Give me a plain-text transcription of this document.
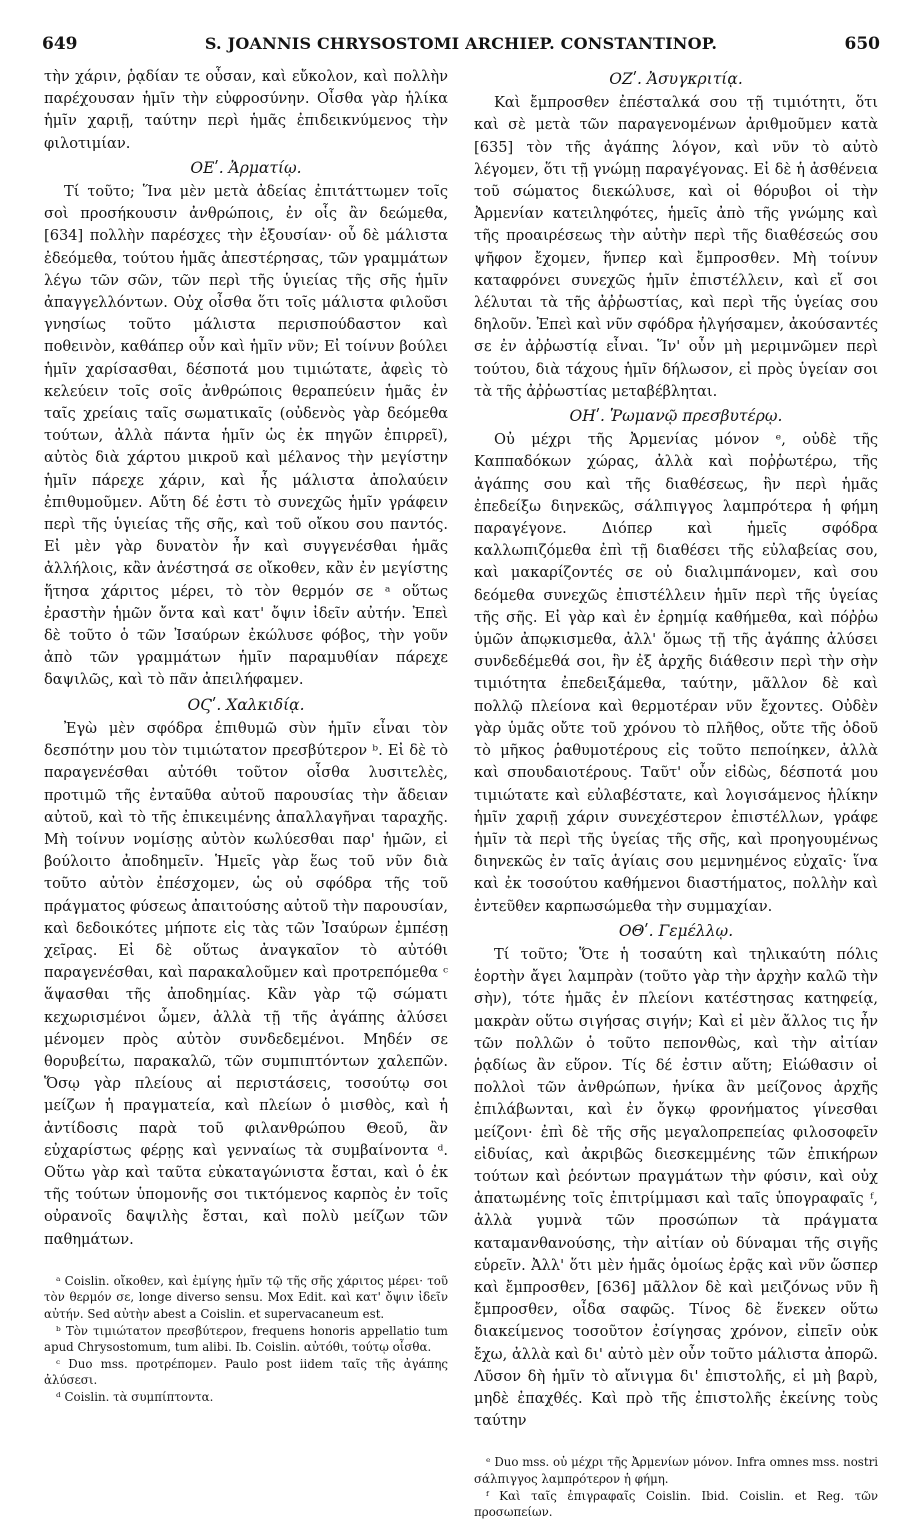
649	S. JOANNIS CHRYSOSTOMI ARCHIEP. CONSTANTINOP.	650

τὴν χάριν, ῥᾳδίαν τε οὖσαν, καὶ εὔκολον, καὶ πολλὴν παρέχουσαν ἡμῖν τὴν εὐφροσύνην. Οἶσθα γὰρ ἡλίκα ἡμῖν χαριῇ, ταύτην περὶ ἡμᾶς ἐπιδεικνύμενος τὴν φιλοτιμίαν.

ΟΕʹ. Ἀρματίῳ.

Τί τοῦτο; Ἵνα μὲν μετὰ ἀδείας ἐπιτάττωμεν τοῖς σοὶ προσήκουσιν ἀνθρώποις, ἐν οἷς ἂν δεώμεθα, [634] πολλὴν παρέσχες τὴν ἐξουσίαν· οὗ δὲ μάλιστα ἐδεόμεθα, τούτου ἡμᾶς ἀπεστέρησας, τῶν γραμμάτων λέγω τῶν σῶν, τῶν περὶ τῆς ὑγιείας τῆς σῆς ἡμῖν ἀπαγγελλόντων. Οὐχ οἶσθα ὅτι τοῖς μάλιστα φιλοῦσι γνησίως τοῦτο μάλιστα περισπούδαστον καὶ ποθεινὸν, καθάπερ οὖν καὶ ἡμῖν νῦν; Εἰ τοίνυν βούλει ἡμῖν χαρίσασθαι, δέσποτά μου τιμιώτατε, ἀφεὶς τὸ κελεύειν τοῖς σοῖς ἀνθρώποις θεραπεύειν ἡμᾶς ἐν ταῖς χρείαις ταῖς σωματικαῖς (οὐδενὸς γὰρ δεόμεθα τούτων, ἀλλὰ πάντα ἡμῖν ὡς ἐκ πηγῶν ἐπιρρεῖ), αὐτὸς διὰ χάρτου μικροῦ καὶ μέλανος τὴν μεγίστην ἡμῖν πάρεχε χάριν, καὶ ἧς μάλιστα ἀπολαύειν ἐπιθυμοῦμεν. Αὕτη δέ ἐστι τὸ συνεχῶς ἡμῖν γράφειν περὶ τῆς ὑγιείας τῆς σῆς, καὶ τοῦ οἴκου σου παντός. Εἰ μὲν γὰρ δυνατὸν ἦν καὶ συγγενέσθαι ἡμᾶς ἀλλήλοις, κἂν ἀνέστησά σε οἴκοθεν, κἂν ἐν μεγίστης ἥτησα χάριτος μέρει, τὸ τὸν θερμόν σε ᵃ οὕτως ἐραστὴν ἡμῶν ὄντα καὶ κατ' ὄψιν ἰδεῖν αὐτήν. Ἐπεὶ δὲ τοῦτο ὁ τῶν Ἰσαύρων ἐκώλυσε φόβος, τὴν γοῦν ἀπὸ τῶν γραμμάτων ἡμῖν παραμυθίαν πάρεχε δαψιλῶς, καὶ τὸ πᾶν ἀπειλήφαμεν.

ΟϚʹ. Χαλκιδίᾳ.

Ἐγὼ μὲν σφόδρα ἐπιθυμῶ σὺν ἡμῖν εἶναι τὸν δεσπότην μου τὸν τιμιώτατον πρεσβύτερον ᵇ. Εἰ δὲ τὸ παραγενέσθαι αὐτόθι τοῦτον οἶσθα λυσιτελὲς, προτιμῶ τῆς ἐνταῦθα αὐτοῦ παρουσίας τὴν ἄδειαν αὐτοῦ, καὶ τὸ τῆς ἐπικειμένης ἀπαλλαγῆναι ταραχῆς. Μὴ τοίνυν νομίσῃς αὐτὸν κωλύεσθαι παρ' ἡμῶν, εἰ βούλοιτο ἀποδημεῖν. Ἡμεῖς γὰρ ἕως τοῦ νῦν διὰ τοῦτο αὐτὸν ἐπέσχομεν, ὡς οὐ σφόδρα τῆς τοῦ πράγματος φύσεως ἀπαιτούσης αὐτοῦ τὴν παρουσίαν, καὶ δεδοικότες μήποτε εἰς τὰς τῶν Ἰσαύρων ἐμπέσῃ χεῖρας. Εἰ δὲ οὕτως ἀναγκαῖον τὸ αὐτόθι παραγενέσθαι, καὶ παρακαλοῦμεν καὶ προτρεπόμεθα ᶜ ἅψασθαι τῆς ἀποδημίας. Κἂν γὰρ τῷ σώματι κεχωρισμένοι ὦμεν, ἀλλὰ τῇ τῆς ἀγάπης ἀλύσει μένομεν πρὸς αὐτὸν συνδεδεμένοι. Μηδέν σε θορυβείτω, παρακαλῶ, τῶν συμπιπτόντων χαλεπῶν. Ὅσῳ γὰρ πλείους αἱ περιστάσεις, τοσούτῳ σοι μείζων ἡ πραγματεία, καὶ πλείων ὁ μισθὸς, καὶ ἡ ἀντίδοσις παρὰ τοῦ φιλανθρώπου Θεοῦ, ἂν εὐχαρίστως φέρῃς καὶ γενναίως τὰ συμβαίνοντα ᵈ. Οὕτω γὰρ καὶ ταῦτα εὐκαταγώνιστα ἔσται, καὶ ὁ ἐκ τῆς τούτων ὑπομονῆς σοι τικτόμενος καρπὸς ἐν τοῖς οὐρανοῖς δαψιλὴς ἔσται, καὶ πολὺ μείζων τῶν παθημάτων.

ᵃ Coislin. οἴκοθεν, καὶ ἐμίγης ἡμῖν τῷ τῆς σῆς χάριτος μέρει· τοῦ τὸν θερμόν σε, longe diverso sensu. Mox Edit. καὶ κατ' ὄψιν ἰδεῖν αὐτήν. Sed αὐτὴν abest a Coislin. et supervacaneum est.

ᵇ Τὸν τιμιώτατον πρεσβύτερον, frequens honoris appellatio tum apud Chrysostomum, tum alibi. Ib. Coislin. αὐτόθι, τούτῳ οἶσθα.

ᶜ Duo mss. προτρέπομεν. Paulo post iidem ταῖς τῆς ἀγάπης ἀλύσεσι.

ᵈ Coislin. τὰ συμπίπτοντα.

ΟΖʹ. Ἀσυγκριτίᾳ.

Καὶ ἔμπροσθεν ἐπέσταλκά σου τῇ τιμιότητι, ὅτι καὶ σὲ μετὰ τῶν παραγενομένων ἀριθμοῦμεν κατὰ [635] τὸν τῆς ἀγάπης λόγον, καὶ νῦν τὸ αὐτὸ λέγομεν, ὅτι τῇ γνώμῃ παραγέγονας. Εἰ δὲ ἡ ἀσθένεια τοῦ σώματος διεκώλυσε, καὶ οἱ θόρυβοι οἱ τὴν Ἀρμενίαν κατειληφότες, ἡμεῖς ἀπὸ τῆς γνώμης καὶ τῆς προαιρέσεως τὴν αὐτὴν περὶ τῆς διαθέσεώς σου ψῆφον ἔχομεν, ἥνπερ καὶ ἔμπροσθεν. Μὴ τοίνυν καταφρόνει συνεχῶς ἡμῖν ἐπιστέλλειν, καὶ εἴ σοι λέλυται τὰ τῆς ἀῤῥωστίας, καὶ περὶ τῆς ὑγείας σου δηλοῦν. Ἐπεὶ καὶ νῦν σφόδρα ἠλγήσαμεν, ἀκούσαντές σε ἐν ἀῤῥωστίᾳ εἶναι. Ἵν' οὖν μὴ μεριμνῶμεν περὶ τούτου, διὰ τάχους ἡμῖν δήλωσον, εἰ πρὸς ὑγείαν σοι τὰ τῆς ἀῤῥωστίας μεταβέβληται.

ΟΗʹ. Ῥωμανῷ πρεσβυτέρῳ.

Οὐ μέχρι τῆς Ἀρμενίας μόνον ᵉ, οὐδὲ τῆς Καππαδόκων χώρας, ἀλλὰ καὶ ποῤῥωτέρω, τῆς ἀγάπης σου καὶ τῆς διαθέσεως, ἣν περὶ ἡμᾶς ἐπεδείξω διηνεκῶς, σάλπιγγος λαμπρότερα ἡ φήμη παραγέγονε. Διόπερ καὶ ἡμεῖς σφόδρα καλλωπιζόμεθα ἐπὶ τῇ διαθέσει τῆς εὐλαβείας σου, καὶ μακαρίζοντές σε οὐ διαλιμπάνομεν, καὶ σου δεόμεθα συνεχῶς ἐπιστέλλειν ἡμῖν περὶ τῆς ὑγείας τῆς σῆς. Εἰ γὰρ καὶ ἐν ἐρημίᾳ καθήμεθα, καὶ πόῤῥω ὑμῶν ἀπῳκισμεθα, ἀλλ' ὅμως τῇ τῆς ἀγάπης ἀλύσει συνδεδέμεθά σοι, ἣν ἐξ ἀρχῆς διάθεσιν περὶ τὴν σὴν τιμιότητα ἐπεδειξάμεθα, ταύτην, μᾶλλον δὲ καὶ πολλῷ πλείονα καὶ θερμοτέραν νῦν ἔχοντες. Οὐδὲν γὰρ ὑμᾶς οὔτε τοῦ χρόνου τὸ πλῆθος, οὔτε τῆς ὁδοῦ τὸ μῆκος ῥαθυμοτέρους εἰς τοῦτο πεποίηκεν, ἀλλὰ καὶ σπουδαιοτέρους. Ταῦτ' οὖν εἰδὼς, δέσποτά μου τιμιώτατε καὶ εὐλαβέστατε, καὶ λογισάμενος ἡλίκην ἡμῖν χαριῇ χάριν συνεχέστερον ἐπιστέλλων, γράφε ἡμῖν τὰ περὶ τῆς ὑγείας τῆς σῆς, καὶ προηγουμένως διηνεκῶς ἐν ταῖς ἁγίαις σου μεμνημένος εὐχαῖς· ἵνα καὶ ἐκ τοσούτου καθήμενοι διαστήματος, πολλὴν καὶ ἐντεῦθεν καρπωσώμεθα τὴν συμμαχίαν.

ΟΘʹ. Γεμέλλῳ.

Τί τοῦτο; Ὅτε ἡ τοσαύτη καὶ τηλικαύτη πόλις ἑορτὴν ἄγει λαμπρὰν (τοῦτο γὰρ τὴν ἀρχὴν καλῶ τὴν σὴν), τότε ἡμᾶς ἐν πλείονι κατέστησας κατηφείᾳ, μακρὰν οὕτω σιγήσας σιγήν; Καὶ εἰ μὲν ἄλλος τις ἦν τῶν πολλῶν ὁ τοῦτο πεπονθὼς, καὶ τὴν αἰτίαν ῥᾳδίως ἂν εὕρον. Τίς δέ ἐστιν αὕτη; Εἰώθασιν οἱ πολλοὶ τῶν ἀνθρώπων, ἡνίκα ἂν μείζονος ἀρχῆς ἐπιλάβωνται, καὶ ἐν ὄγκῳ φρονήματος γίνεσθαι μείζονι· ἐπὶ δὲ τῆς σῆς μεγαλοπρεπείας φιλοσοφεῖν εἰδυίας, καὶ ἀκριβῶς διεσκεμμένης τῶν ἐπικήρων τούτων καὶ ῥεόντων πραγμάτων τὴν φύσιν, καὶ οὐχ ἀπατωμένης τοῖς ἐπιτρίμμασι καὶ ταῖς ὑπογραφαῖς ᶠ, ἀλλὰ γυμνὰ τῶν προσώπων τὰ πράγματα καταμανθανούσης, τὴν αἰτίαν οὐ δύναμαι τῆς σιγῆς εὑρεῖν. Ἀλλ' ὅτι μὲν ἡμᾶς ὁμοίως ἐρᾷς καὶ νῦν ὥσπερ καὶ ἔμπροσθεν, [636] μᾶλλον δὲ καὶ μειζόνως νῦν ἢ ἔμπροσθεν, οἶδα σαφῶς. Τίνος δὲ ἕνεκεν οὕτω διακείμενος τοσοῦτον ἐσίγησας χρόνον, εἰπεῖν οὐκ ἔχω, ἀλλὰ καὶ δι' αὐτὸ μὲν οὖν τοῦτο μάλιστα ἀπορῶ. Λῦσον δὴ ἡμῖν τὸ αἴνιγμα δι' ἐπιστολῆς, εἰ μὴ βαρὺ, μηδὲ ἐπαχθές. Καὶ πρὸ τῆς ἐπιστολῆς ἐκείνης τοὺς ταύτην

ᵉ Duo mss. οὐ μέχρι τῆς Ἀρμενίων μόνον. Infra omnes mss. nostri σάλπιγγος λαμπρότερον ἡ φήμη.

ᶠ Καὶ ταῖς ἐπιγραφαῖς Coislin. Ibid. Coislin. et Reg. τῶν προσωπείων.
